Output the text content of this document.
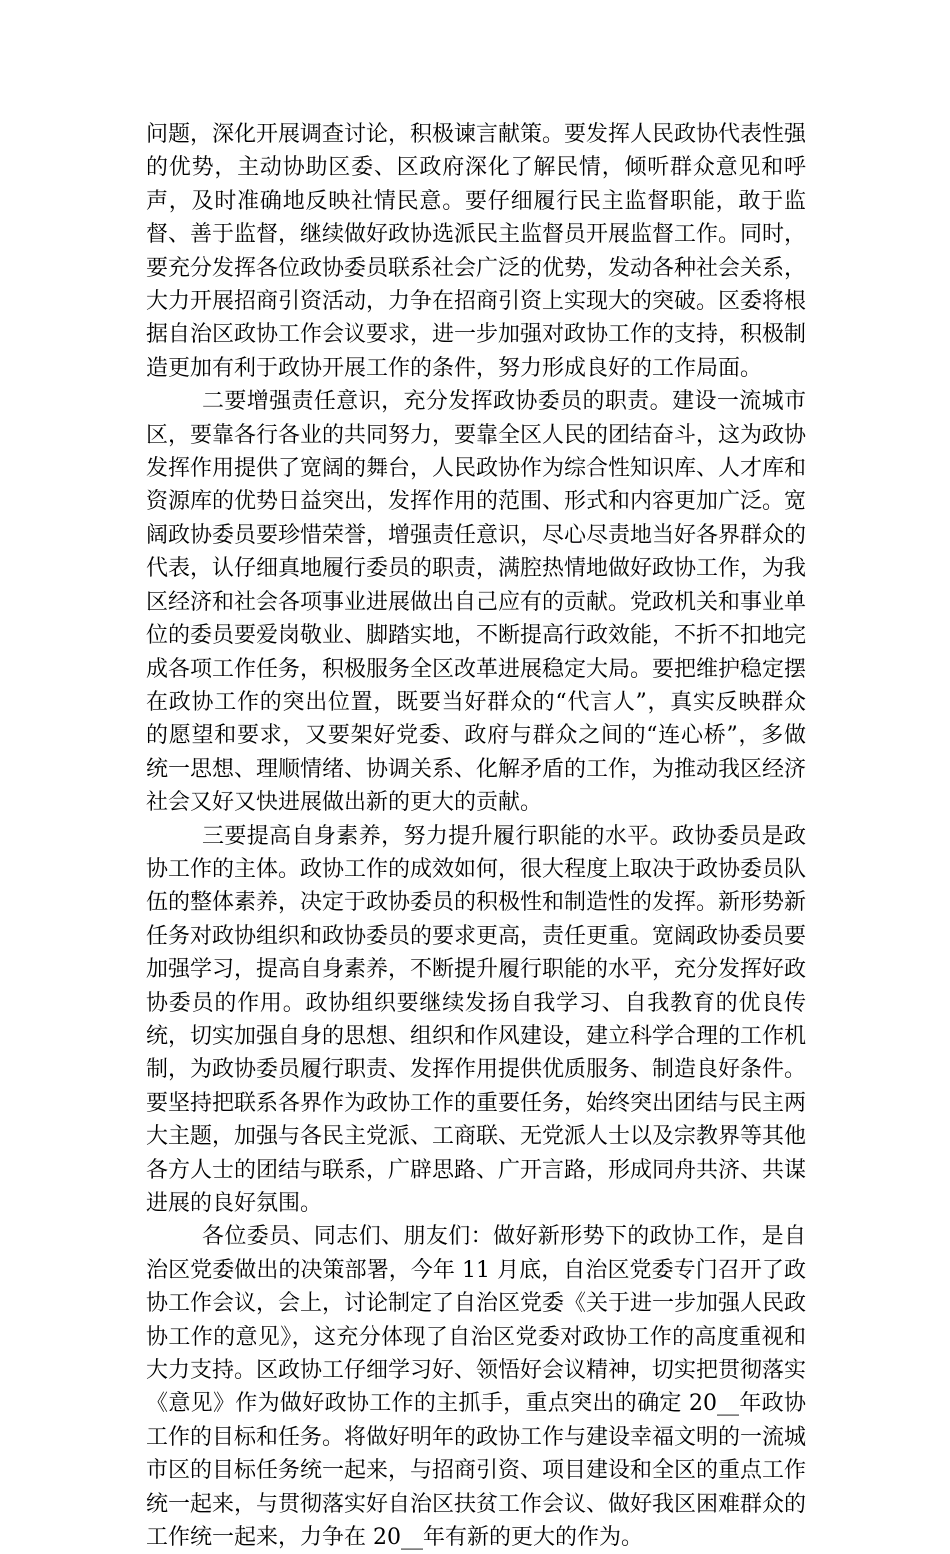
问题，深化开展调查讨论，积极谏言献策。要发挥人民政协代表性强的优势，主动协助区委、区政府深化了解民情，倾听群众意见和呼声，及时准确地反映社情民意。要仔细履行民主监督职能，敢于监督、善于监督，继续做好政协选派民主监督员开展监督工作。同时，要充分发挥各位政协委员联系社会广泛的优势，发动各种社会关系，大力开展招商引资活动，力争在招商引资上实现大的突破。区委将根据自治区政协工作会议要求，进一步加强对政协工作的支持，积极制造更加有利于政协开展工作的条件，努力形成良好的工作局面。

二要增强责任意识，充分发挥政协委员的职责。建设一流城市区，要靠各行各业的共同努力，要靠全区人民的团结奋斗，这为政协发挥作用提供了宽阔的舞台，人民政协作为综合性知识库、人才库和资源库的优势日益突出，发挥作用的范围、形式和内容更加广泛。宽阔政协委员要珍惜荣誉，增强责任意识，尽心尽责地当好各界群众的代表，认仔细真地履行委员的职责，满腔热情地做好政协工作，为我区经济和社会各项事业进展做出自己应有的贡献。党政机关和事业单位的委员要爱岗敬业、脚踏实地，不断提高行政效能，不折不扣地完成各项工作任务，积极服务全区改革进展稳定大局。要把维护稳定摆在政协工作的突出位置，既要当好群众的“代言人”，真实反映群众的愿望和要求，又要架好党委、政府与群众之间的“连心桥”，多做统一思想、理顺情绪、协调关系、化解矛盾的工作，为推动我区经济社会又好又快进展做出新的更大的贡献。

三要提高自身素养，努力提升履行职能的水平。政协委员是政协工作的主体。政协工作的成效如何，很大程度上取决于政协委员队伍的整体素养，决定于政协委员的积极性和制造性的发挥。新形势新任务对政协组织和政协委员的要求更高，责任更重。宽阔政协委员要加强学习，提高自身素养，不断提升履行职能的水平，充分发挥好政协委员的作用。政协组织要继续发扬自我学习、自我教育的优良传统，切实加强自身的思想、组织和作风建设，建立科学合理的工作机制，为政协委员履行职责、发挥作用提供优质服务、制造良好条件。要坚持把联系各界作为政协工作的重要任务，始终突出团结与民主两大主题，加强与各民主党派、工商联、无党派人士以及宗教界等其他各方人士的团结与联系，广辟思路、广开言路，形成同舟共济、共谋进展的良好氛围。

各位委员、同志们、朋友们：做好新形势下的政协工作，是自治区党委做出的决策部署，今年 11 月底，自治区党委专门召开了政协工作会议，会上，讨论制定了自治区党委《关于进一步加强人民政协工作的意见》，这充分体现了自治区党委对政协工作的高度重视和大力支持。区政协工仔细学习好、领悟好会议精神，切实把贯彻落实《意见》作为做好政协工作的主抓手，重点突出的确定 20__年政协工作的目标和任务。将做好明年的政协工作与建设幸福文明的一流城市区的目标任务统一起来，与招商引资、项目建设和全区的重点工作统一起来，与贯彻落实好自治区扶贫工作会议、做好我区困难群众的工作统一起来，力争在 20__年有新的更大的作为。
